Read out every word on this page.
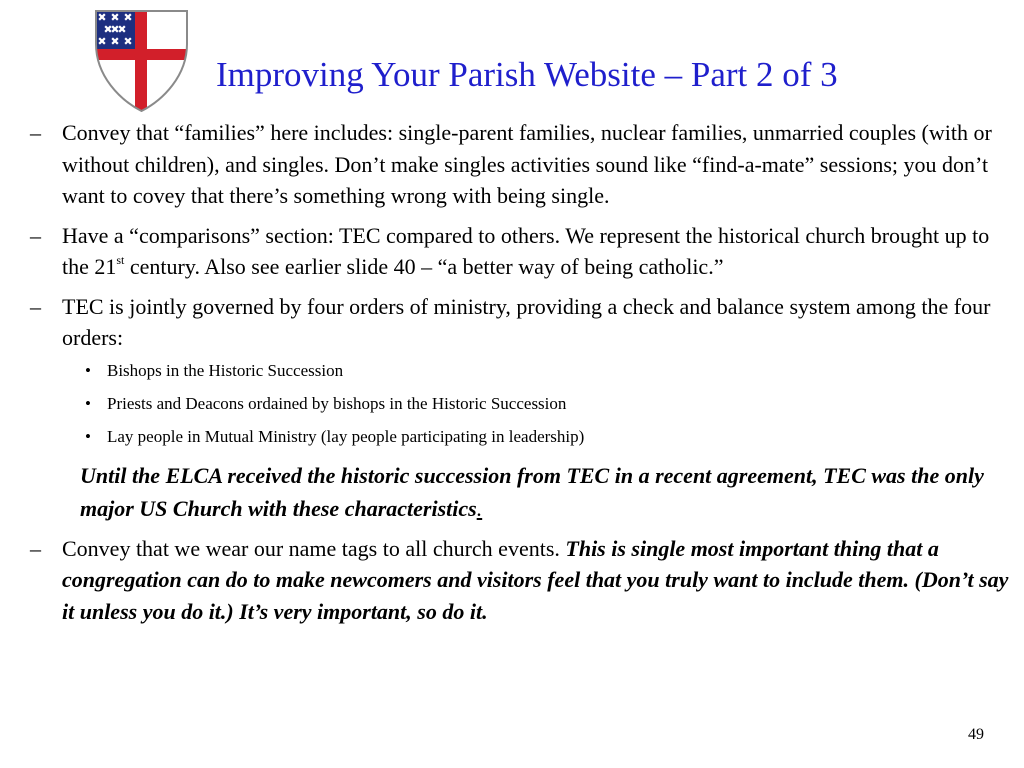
Improving Your Parish Website – Part 2 of 3
– Convey that “families” here includes: single-parent families, nuclear families, unmarried couples (with or without children), and singles. Don’t make singles activities sound like “find-a-mate” sessions; you don’t want to covey that there’s something wrong with being single.
– Have a “comparisons” section: TEC compared to others. We represent the historical church brought up to the 21st century. Also see earlier slide 40 – “a better way of being catholic.”
– TEC is jointly governed by four orders of ministry, providing a check and balance system among the four orders:
• Bishops in the Historic Succession
• Priests and Deacons ordained by bishops in the Historic Succession
• Lay people in Mutual Ministry (lay people participating in leadership)
Until the ELCA received the historic succession from TEC in a recent agreement, TEC was the only major US Church with these characteristics.
– Convey that we wear our name tags to all church events. This is single most important thing that a congregation can do to make newcomers and visitors feel that you truly want to include them. (Don’t say it unless you do it.) It’s very important, so do it.
49
